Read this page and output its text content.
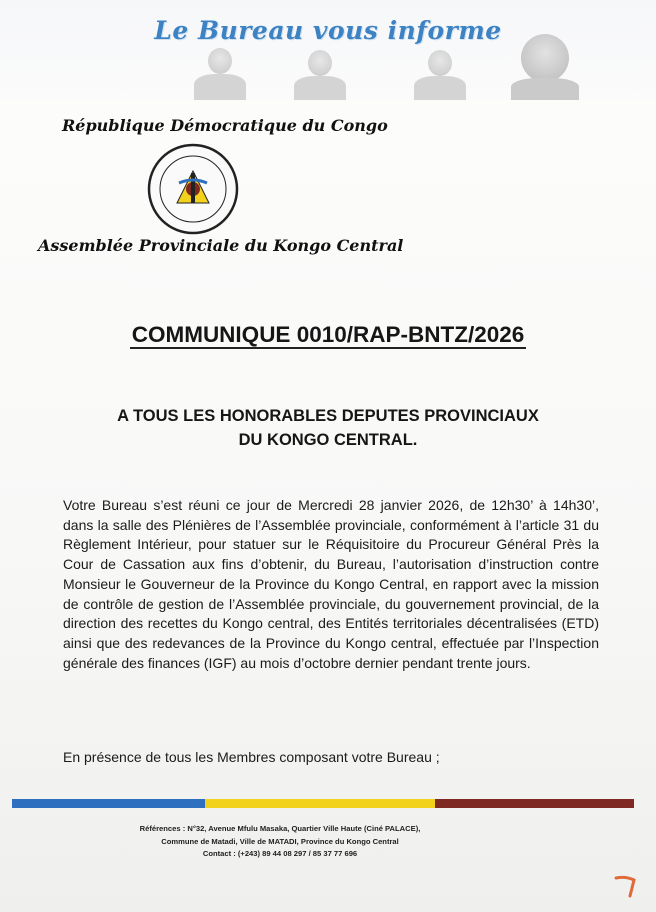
Le Bureau vous informe
République Démocratique du Congo
Assemblée Provinciale du Kongo Central
COMMUNIQUE 0010/RAP-BNTZ/2026
A TOUS LES HONORABLES DEPUTES PROVINCIAUX
DU KONGO CENTRAL.
Votre Bureau s’est réuni ce jour de Mercredi 28 janvier 2026, de 12h30’ à 14h30’, dans la salle des Plénières de l’Assemblée provinciale, conformément à l’article 31 du Règlement Intérieur, pour statuer sur le Réquisitoire du Procureur Général Près la Cour de Cassation aux fins d’obtenir, du Bureau, l’autorisation d’instruction contre Monsieur le Gouverneur de la Province du Kongo Central, en rapport avec la mission de contrôle de gestion de l’Assemblée provinciale, du gouvernement provincial, de la direction des recettes du Kongo central, des Entités territoriales décentralisées (ETD) ainsi que des redevances de la Province du Kongo central, effectuée par l’Inspection générale des finances (IGF) au mois d’octobre dernier pendant trente jours.
En présence de tous les Membres composant votre Bureau ;
Références : N°32, Avenue Mfulu Masaka, Quartier Ville Haute (Ciné PALACE),
Commune de Matadi, Ville de MATADI, Province du Kongo Central
Contact : (+243) 89 44 08 297 / 85 37 77 696
